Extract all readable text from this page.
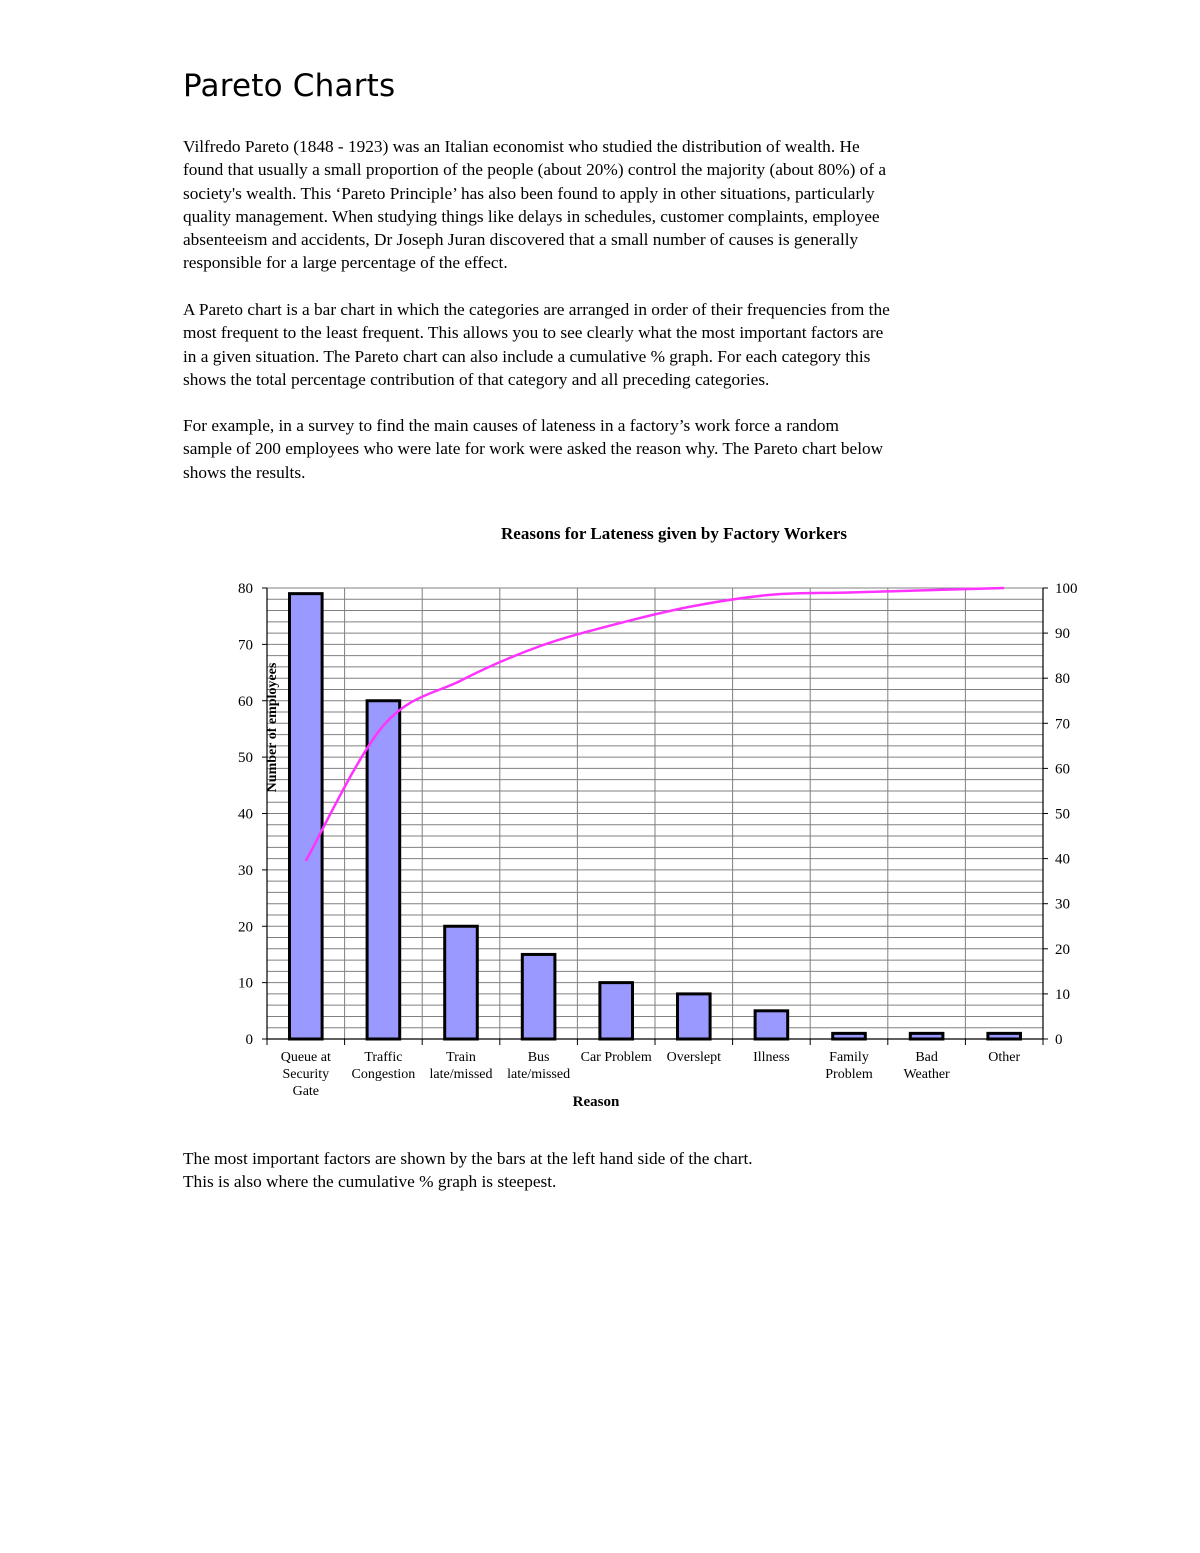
Pareto Charts

Vilfredo Pareto (1848 - 1923) was an Italian economist who studied the distribution of wealth. He
found that usually a small proportion of the people (about 20%) control the majority (about 80%) of a
society's wealth. This ‘Pareto Principle’ has also been found to apply in other situations, particularly
quality management. When studying things like delays in schedules, customer complaints, employee
absenteeism and accidents, Dr Joseph Juran discovered that a small number of causes is generally
responsible for a large percentage of the effect.

A Pareto chart is a bar chart in which the categories are arranged in order of their frequencies from the
most frequent to the least frequent. This allows you to see clearly what the most important factors are
in a given situation. The Pareto chart can also include a cumulative % graph. For each category this
shows the total percentage contribution of that category and all preceding categories.

For example, in a survey to find the main causes of lateness in a factory’s work force a random
sample of 200 employees who were late for work were asked the reason why. The Pareto chart below
shows the results.

Reasons for Lateness given by Factory Workers
0
10
20
30
40
50
60
70
80
0
10
20
30
40
50
60
70
80
90
100
Queue at Security Gate
Traffic Congestion
Train late/missed
Bus late/missed
Car Problem Overslept Illness	Family Problem
Bad Weather
Other
Number of employees
Reason

The most important factors are shown by the bars at the left hand side of the chart.
This is also where the cumulative % graph is steepest.
